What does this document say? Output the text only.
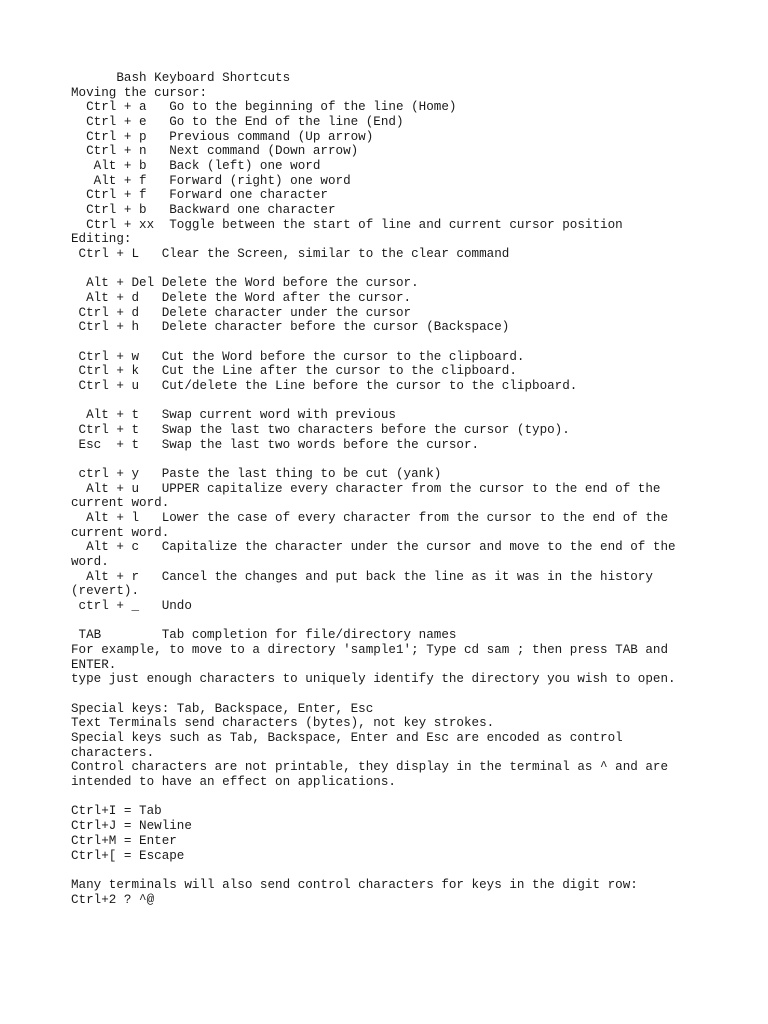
Bash Keyboard Shortcuts
Moving the cursor:
Ctrl + a   Go to the beginning of the line (Home)
Ctrl + e   Go to the End of the line (End)
Ctrl + p   Previous command (Up arrow)
Ctrl + n   Next command (Down arrow)
Alt + b   Back (left) one word
Alt + f   Forward (right) one word
Ctrl + f   Forward one character
Ctrl + b   Backward one character
Ctrl + xx  Toggle between the start of line and current cursor position
Editing:
Ctrl + L   Clear the Screen, similar to the clear command
Alt + Del Delete the Word before the cursor.
Alt + d   Delete the Word after the cursor.
Ctrl + d   Delete character under the cursor
Ctrl + h   Delete character before the cursor (Backspace)
Ctrl + w   Cut the Word before the cursor to the clipboard.
Ctrl + k   Cut the Line after the cursor to the clipboard.
Ctrl + u   Cut/delete the Line before the cursor to the clipboard.
Alt + t   Swap current word with previous
Ctrl + t   Swap the last two characters before the cursor (typo).
Esc  + t   Swap the last two words before the cursor.
ctrl + y   Paste the last thing to be cut (yank)
Alt + u   UPPER capitalize every character from the cursor to the end of the
current word.
Alt + l   Lower the case of every character from the cursor to the end of the
current word.
Alt + c   Capitalize the character under the cursor and move to the end of the
word.
Alt + r   Cancel the changes and put back the line as it was in the history
(revert).
ctrl + _   Undo
TAB        Tab completion for file/directory names
For example, to move to a directory 'sample1'; Type cd sam ; then press TAB and
ENTER.
type just enough characters to uniquely identify the directory you wish to open.
Special keys: Tab, Backspace, Enter, Esc
Text Terminals send characters (bytes), not key strokes.
Special keys such as Tab, Backspace, Enter and Esc are encoded as control
characters.
Control characters are not printable, they display in the terminal as ^ and are
intended to have an effect on applications.
Ctrl+I = Tab
Ctrl+J = Newline
Ctrl+M = Enter
Ctrl+[ = Escape
Many terminals will also send control characters for keys in the digit row:
Ctrl+2 ? ^@
